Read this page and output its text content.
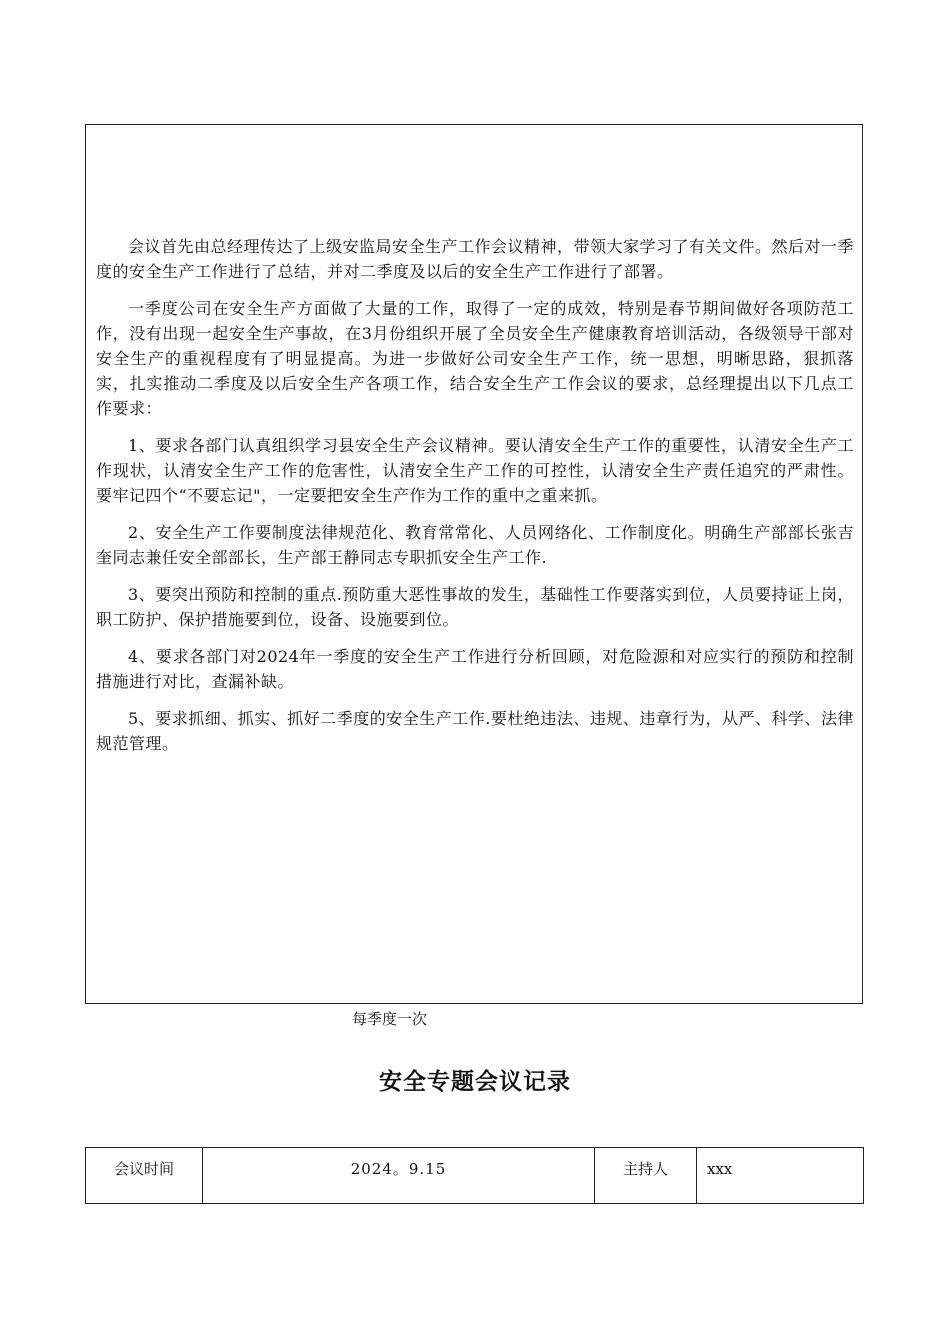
会议首先由总经理传达了上级安监局安全生产工作会议精神，带领大家学习了有关文件。然后对一季度的安全生产工作进行了总结，并对二季度及以后的安全生产工作进行了部署。

一季度公司在安全生产方面做了大量的工作，取得了一定的成效，特别是春节期间做好各项防范工作，没有出现一起安全生产事故，在3月份组织开展了全员安全生产健康教育培训活动，各级领导干部对安全生产的重视程度有了明显提高。为进一步做好公司安全生产工作，统一思想，明晰思路，狠抓落实，扎实推动二季度及以后安全生产各项工作，结合安全生产工作会议的要求，总经理提出以下几点工作要求：

1、要求各部门认真组织学习县安全生产会议精神。要认清安全生产工作的重要性，认清安全生产工作现状，认清安全生产工作的危害性，认清安全生产工作的可控性，认清安全生产责任追究的严肃性。要牢记四个“不要忘记"，一定要把安全生产作为工作的重中之重来抓。

2、安全生产工作要制度法律规范化、教育常常化、人员网络化、工作制度化。明确生产部部长张吉奎同志兼任安全部部长，生产部王静同志专职抓安全生产工作.

3、要突出预防和控制的重点.预防重大恶性事故的发生，基础性工作要落实到位，人员要持证上岗，职工防护、保护措施要到位，设备、设施要到位。

4、要求各部门对2024年一季度的安全生产工作进行分析回顾，对危险源和对应实行的预防和控制措施进行对比，查漏补缺。

5、要求抓细、抓实、抓好二季度的安全生产工作.要杜绝违法、违规、违章行为，从严、科学、法律规范管理。

每季度一次
安全专题会议记录
会议时间	2024。9.15	主持人	xxx
